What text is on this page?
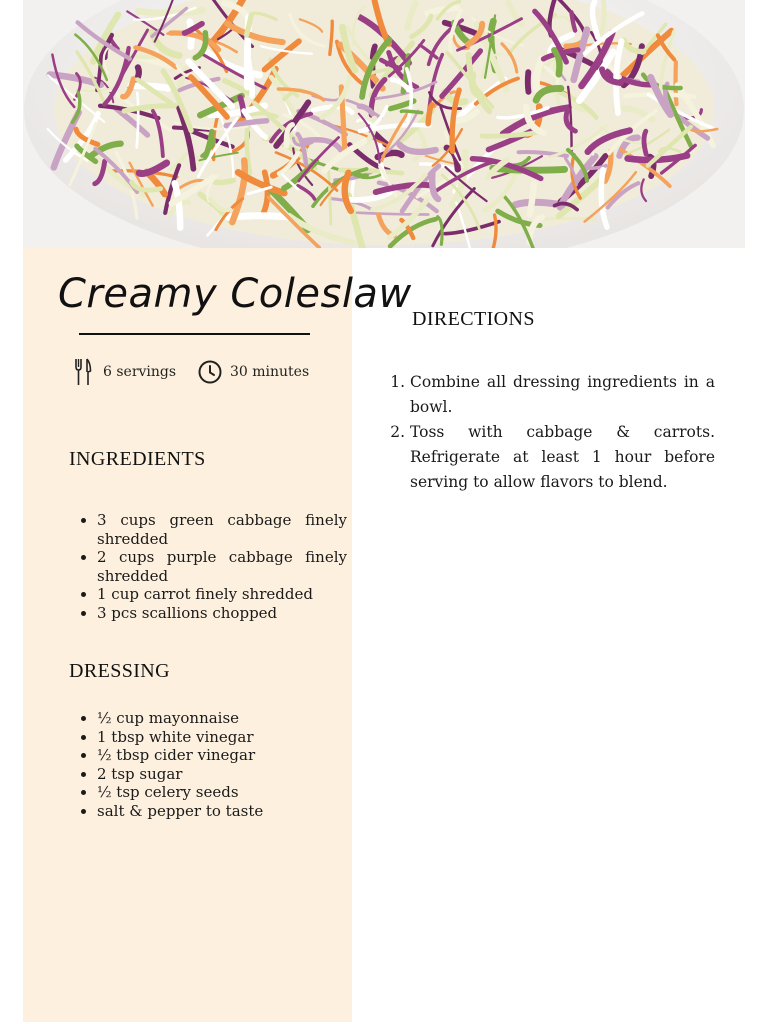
Creamy Coleslaw
6 servings	30 minutes
INGREDIENTS
• 3 cups green cabbage finely shredded
• 2 cups purple cabbage finely shredded
• 1 cup carrot finely shredded
• 3 pcs scallions chopped
DRESSING
• ½ cup mayonnaise
• 1 tbsp white vinegar
• ½ tbsp cider vinegar
• 2 tsp sugar
• ½ tsp celery seeds
• salt & pepper to taste
DIRECTIONS
1. Combine all dressing ingredients in a bowl.
2. Toss with cabbage & carrots. Refrigerate at least 1 hour before serving to allow flavors to blend.
